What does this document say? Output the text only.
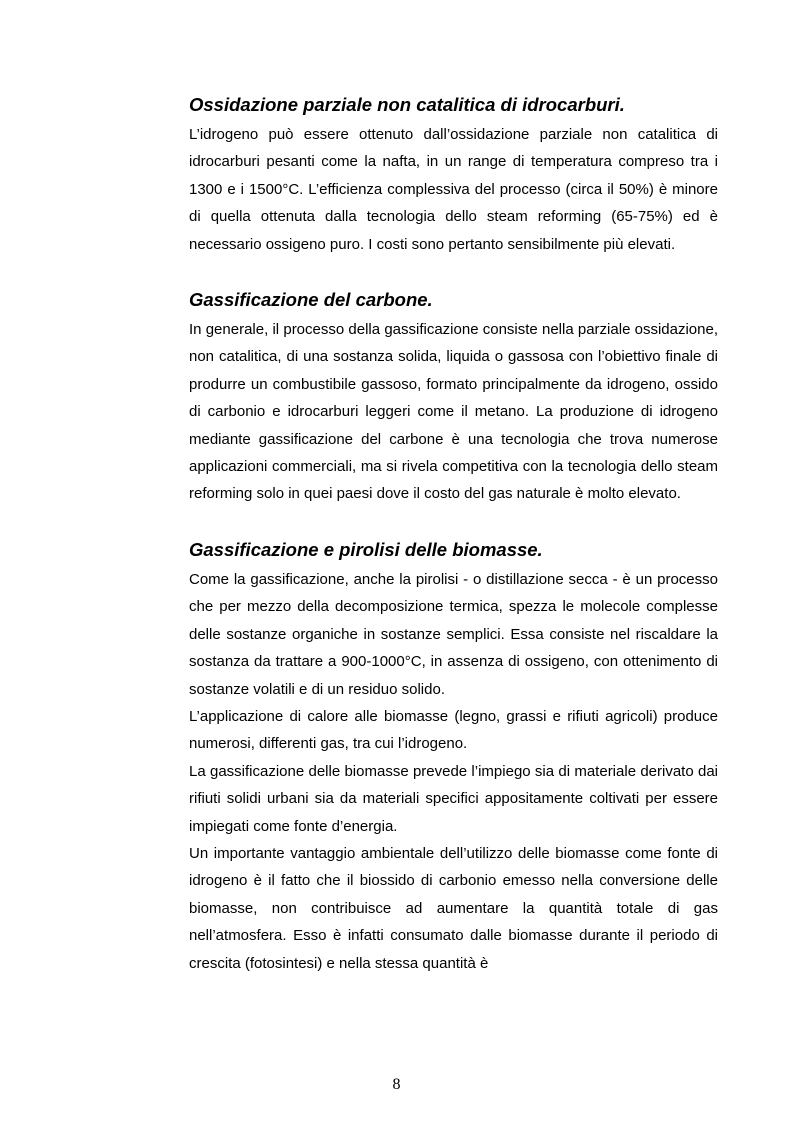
Ossidazione parziale non catalitica di idrocarburi.

L’idrogeno può essere ottenuto dall’ossidazione parziale non catalitica di idrocarburi pesanti come la nafta, in un range di temperatura compreso tra i 1300 e i 1500°C. L’efficienza complessiva del processo (circa il 50%) è minore di quella ottenuta dalla tecnologia dello steam reforming (65-75%) ed è necessario ossigeno puro. I costi sono pertanto sensibilmente più elevati.

Gassificazione del carbone.

In generale, il processo della gassificazione consiste nella parziale ossidazione, non catalitica, di una sostanza solida, liquida o gassosa con l’obiettivo finale di produrre un combustibile gassoso, formato principalmente da idrogeno, ossido di carbonio e idrocarburi leggeri come il metano. La produzione di idrogeno mediante gassificazione del carbone è una tecnologia che trova numerose applicazioni commerciali, ma si rivela competitiva con la tecnologia dello steam reforming solo in quei paesi dove il costo del gas naturale è molto elevato.

Gassificazione e pirolisi delle biomasse.

Come la gassificazione, anche la pirolisi - o distillazione secca - è un processo che per mezzo della decomposizione termica, spezza le molecole complesse delle sostanze organiche in sostanze semplici. Essa consiste nel riscaldare la sostanza da trattare a 900-1000°C, in assenza di ossigeno, con ottenimento di sostanze volatili e di un residuo solido.

L’applicazione di calore alle biomasse (legno, grassi e rifiuti agricoli) produce numerosi, differenti gas, tra cui l’idrogeno.

La gassificazione delle biomasse prevede l’impiego sia di materiale derivato dai rifiuti solidi urbani sia da materiali specifici appositamente coltivati per essere impiegati come fonte d’energia.

Un importante vantaggio ambientale dell’utilizzo delle biomasse come fonte di idrogeno è il fatto che il biossido di carbonio emesso nella conversione delle biomasse, non contribuisce ad aumentare la quantità totale di gas nell’atmosfera. Esso è infatti consumato dalle biomasse durante il periodo di crescita (fotosintesi) e nella stessa quantità è

8
